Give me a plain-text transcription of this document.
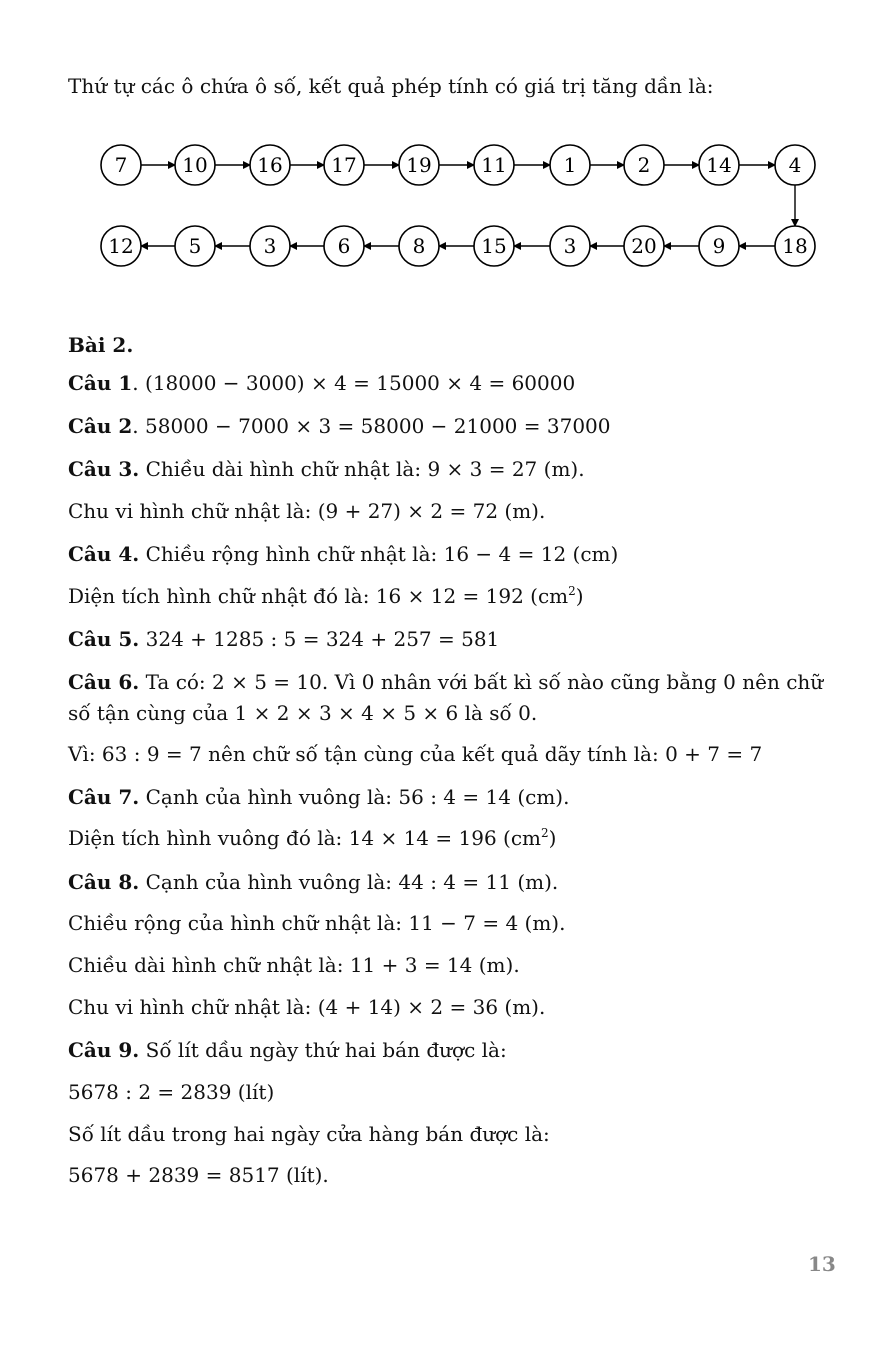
Thứ tự các ô chứa ô số, kết quả phép tính có giá trị tăng dần là:
7	10 16 17 19 11	1	2	14	4
18
9
20
3
15
8
6
3
5
12
Bài 2.
Câu 1. (18000 − 3000) × 4 = 15000 × 4 = 60000
Câu 2. 58000 − 7000 × 3 = 58000 − 21000 = 37000
Câu 3. Chiều dài hình chữ nhật là: 9 × 3 = 27 (m).
Chu vi hình chữ nhật là: (9 + 27) × 2 = 72 (m).
Câu 4. Chiều rộng hình chữ nhật là: 16 − 4 = 12 (cm)
Diện tích hình chữ nhật đó là: 16 × 12 = 192 $(cm^2)$
Câu 5. 324 + 1285 : 5 = 324 + 257 = 581
Câu 6. Ta có: 2 × 5 = 10. Vì 0 nhân với bất kì số nào cũng bằng 0 nên chữ số tận cùng của 1 × 2 × 3 × 4 × 5 × 6 là số 0.
Vì: 63 : 9 = 7 nên chữ số tận cùng của kết quả dãy tính là: 0 + 7 = 7
Câu 7. Cạnh của hình vuông là: 56 : 4 = 14 (cm).
Diện tích hình vuông đó là: 14 × 14 = 196 $(cm^2)$
Câu 8. Cạnh của hình vuông là: 44 : 4 = 11 (m).
Chiều rộng của hình chữ nhật là: 11 − 7 = 4 (m).
Chiều dài hình chữ nhật là: 11 + 3 = 14 (m).
Chu vi hình chữ nhật là: (4 + 14) × 2 = 36 (m).
Câu 9. Số lít dầu ngày thứ hai bán được là:
5678 : 2 = 2839 (lít)
Số lít dầu trong hai ngày cửa hàng bán được là:
5678 + 2839 = 8517 (lít).
13
